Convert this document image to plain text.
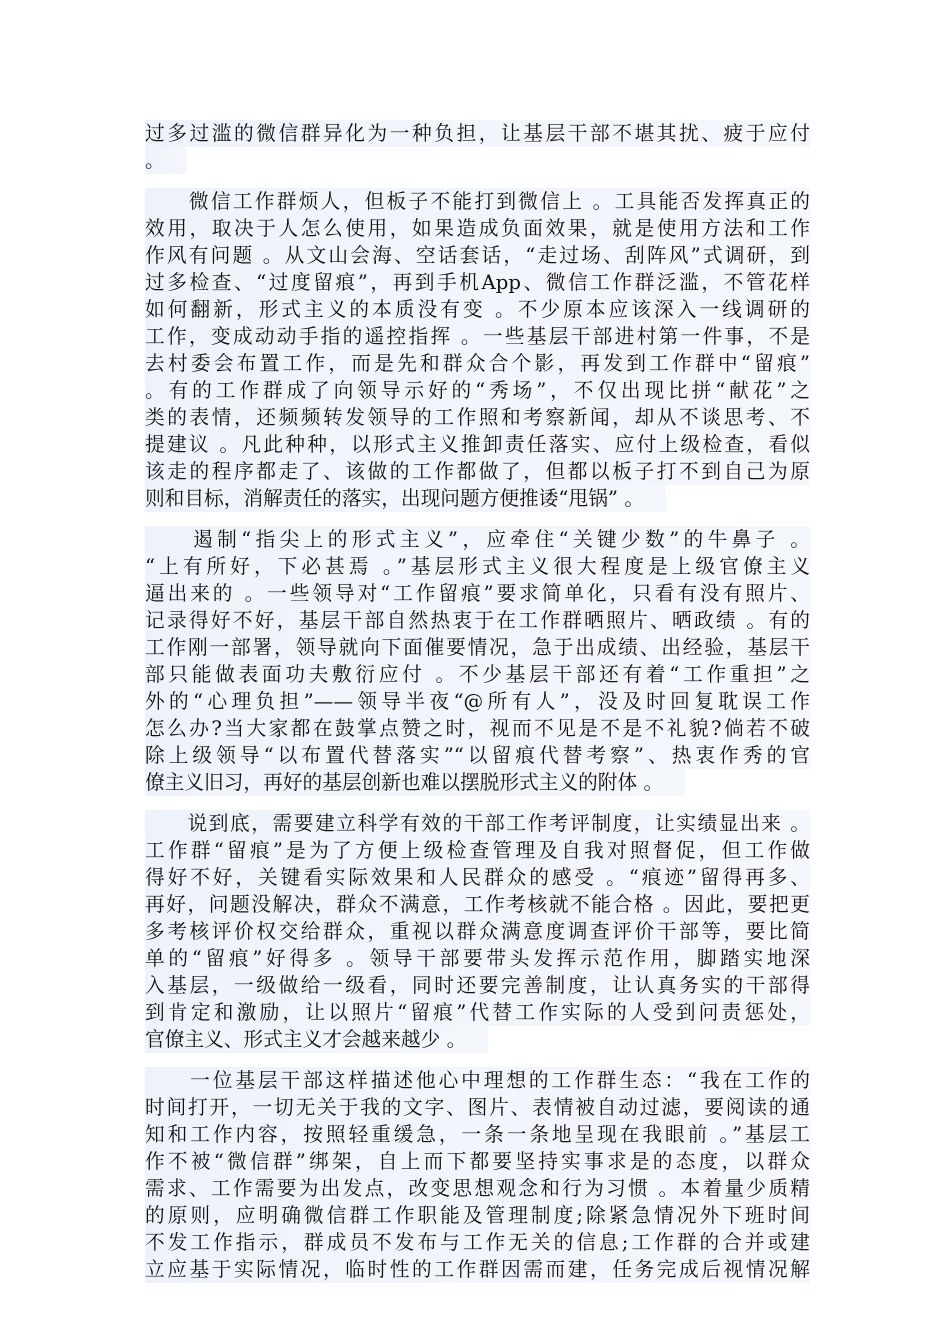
过多过滥的微信群异化为一种负担，让基层干部不堪其扰、疲于应付
。
　　微信工作群烦人，但板子不能打到微信上 。工具能否发挥真正的
效用，取决于人怎么使用，如果造成负面效果，就是使用方法和工作
作风有问题 。从文山会海、空话套话，“走过场、刮阵风”式调研，到
过多检查、“过度留痕”，再到手机App、微信工作群泛滥，不管花样
如何翻新，形式主义的本质没有变 。不少原本应该深入一线调研的
工作，变成动动手指的遥控指挥 。一些基层干部进村第一件事，不是
去村委会布置工作，而是先和群众合个影，再发到工作群中“留痕”
。有的工作群成了向领导示好的“秀场”，不仅出现比拼“献花”之
类的表情，还频频转发领导的工作照和考察新闻，却从不谈思考、不
提建议 。凡此种种，以形式主义推卸责任落实、应付上级检查，看似
该走的程序都走了、该做的工作都做了，但都以板子打不到自己为原
则和目标，消解责任的落实，出现问题方便推诿“甩锅” 。
　　遏制“指尖上的形式主义”，应牵住“关键少数”的牛鼻子 。
“上有所好，下必甚焉 。”基层形式主义很大程度是上级官僚主义
逼出来的 。一些领导对“工作留痕”要求简单化，只看有没有照片、
记录得好不好，基层干部自然热衷于在工作群晒照片、晒政绩 。有的
工作刚一部署，领导就向下面催要情况，急于出成绩、出经验，基层干
部只能做表面功夫敷衍应付 。不少基层干部还有着“工作重担”之
外的“心理负担”——领导半夜“@所有人”，没及时回复耽误工作
怎么办?当大家都在鼓掌点赞之时，视而不见是不是不礼貌?倘若不破
除上级领导“以布置代替落实”“以留痕代替考察”、热衷作秀的官
僚主义旧习，再好的基层创新也难以摆脱形式主义的附体 。
　　说到底，需要建立科学有效的干部工作考评制度，让实绩显出来 。
工作群“留痕”是为了方便上级检查管理及自我对照督促，但工作做
得好不好，关键看实际效果和人民群众的感受 。“痕迹”留得再多、
再好，问题没解决，群众不满意，工作考核就不能合格 。因此，要把更
多考核评价权交给群众，重视以群众满意度调查评价干部等，要比简
单的“留痕”好得多 。领导干部要带头发挥示范作用，脚踏实地深
入基层，一级做给一级看，同时还要完善制度，让认真务实的干部得
到肯定和激励，让以照片“留痕”代替工作实际的人受到问责惩处，
官僚主义、形式主义才会越来越少 。
　　一位基层干部这样描述他心中理想的工作群生态：“我在工作的
时间打开，一切无关于我的文字、图片、表情被自动过滤，要阅读的通
知和工作内容，按照轻重缓急，一条一条地呈现在我眼前 。”基层工
作不被“微信群”绑架，自上而下都要坚持实事求是的态度，以群众
需求、工作需要为出发点，改变思想观念和行为习惯 。本着量少质精
的原则，应明确微信群工作职能及管理制度;除紧急情况外下班时间
不发工作指示，群成员不发布与工作无关的信息;工作群的合并或建
立应基于实际情况，临时性的工作群因需而建，任务完成后视情况解
